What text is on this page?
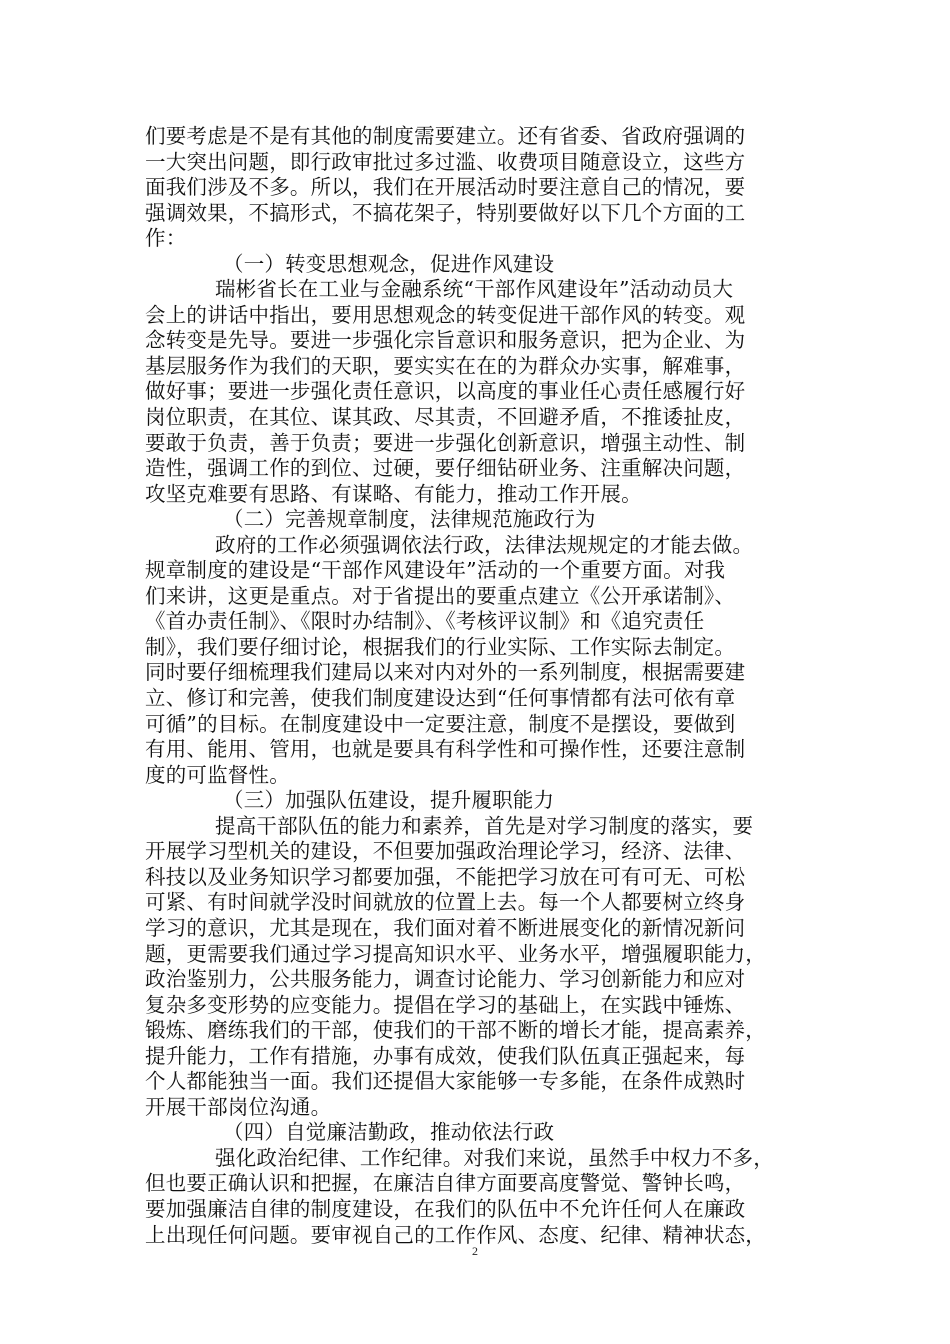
们要考虑是不是有其他的制度需要建立。还有省委、省政府强调的
一大突出问题，即行政审批过多过滥、收费项目随意设立，这些方
面我们涉及不多。所以，我们在开展活动时要注意自己的情况，要
强调效果，不搞形式，不搞花架子，特别要做好以下几个方面的工
作：
（一）转变思想观念，促进作风建设
瑞彬省长在工业与金融系统“干部作风建设年”活动动员大
会上的讲话中指出，要用思想观念的转变促进干部作风的转变。观
念转变是先导。要进一步强化宗旨意识和服务意识，把为企业、为
基层服务作为我们的天职，要实实在在的为群众办实事，解难事，
做好事；要进一步强化责任意识，以高度的事业任心责任感履行好
岗位职责，在其位、谋其政、尽其责，不回避矛盾，不推诿扯皮，
要敢于负责，善于负责；要进一步强化创新意识，增强主动性、制
造性，强调工作的到位、过硬，要仔细钻研业务、注重解决问题，
攻坚克难要有思路、有谋略、有能力，推动工作开展。
（二）完善规章制度，法律规范施政行为
政府的工作必须强调依法行政，法律法规规定的才能去做。
规章制度的建设是“干部作风建设年”活动的一个重要方面。对我
们来讲，这更是重点。对于省提出的要重点建立《公开承诺制》、
《首办责任制》、《限时办结制》、《考核评议制》和《追究责任
制》，我们要仔细讨论，根据我们的行业实际、工作实际去制定。
同时要仔细梳理我们建局以来对内对外的一系列制度，根据需要建
立、修订和完善，使我们制度建设达到“任何事情都有法可依有章
可循”的目标。在制度建设中一定要注意，制度不是摆设，要做到
有用、能用、管用，也就是要具有科学性和可操作性，还要注意制
度的可监督性。
（三）加强队伍建设，提升履职能力
提高干部队伍的能力和素养，首先是对学习制度的落实，要
开展学习型机关的建设，不但要加强政治理论学习，经济、法律、
科技以及业务知识学习都要加强，不能把学习放在可有可无、可松
可紧、有时间就学没时间就放的位置上去。每一个人都要树立终身
学习的意识，尤其是现在，我们面对着不断进展变化的新情况新问
题，更需要我们通过学习提高知识水平、业务水平，增强履职能力，
政治鉴别力，公共服务能力，调查讨论能力、学习创新能力和应对
复杂多变形势的应变能力。提倡在学习的基础上，在实践中锤炼、
锻炼、磨练我们的干部，使我们的干部不断的增长才能，提高素养，
提升能力，工作有措施，办事有成效，使我们队伍真正强起来，每
个人都能独当一面。我们还提倡大家能够一专多能，在条件成熟时
开展干部岗位沟通。
（四）自觉廉洁勤政，推动依法行政
强化政治纪律、工作纪律。对我们来说，虽然手中权力不多，
但也要正确认识和把握，在廉洁自律方面要高度警觉、警钟长鸣，
要加强廉洁自律的制度建设，在我们的队伍中不允许任何人在廉政
上出现任何问题。要审视自己的工作作风、态度、纪律、精神状态，
2
